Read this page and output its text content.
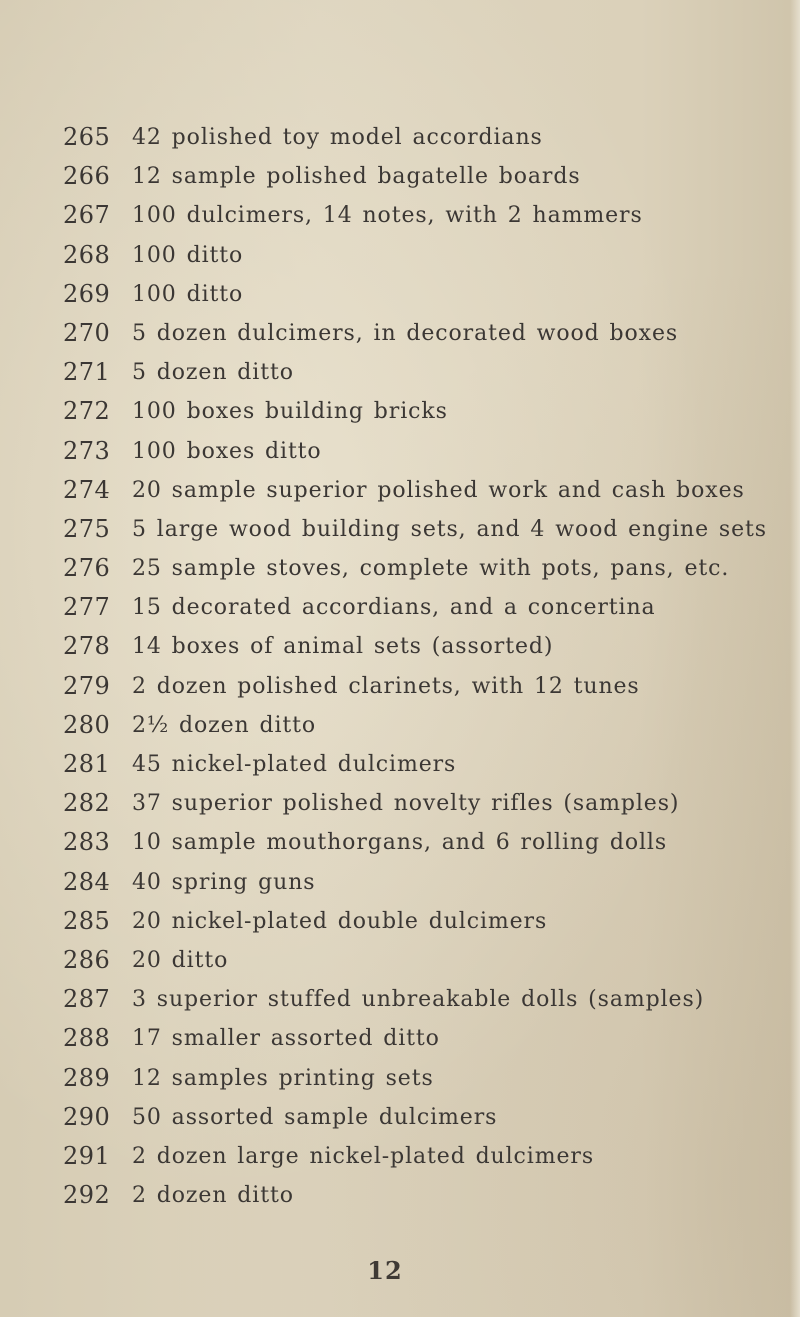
265 42 polished toy model accordians
266 12 sample polished bagatelle boards
267 100 dulcimers, 14 notes, with 2 hammers
268 100 ditto
269 100 ditto
270 5 dozen dulcimers, in decorated wood boxes
271 5 dozen ditto
272 100 boxes building bricks
273 100 boxes ditto
274 20 sample superior polished work and cash boxes
275 5 large wood building sets, and 4 wood engine sets
276 25 sample stoves, complete with pots, pans, etc.
277 15 decorated accordians, and a concertina
278 14 boxes of animal sets (assorted)
279 2 dozen polished clarinets, with 12 tunes
280 2½ dozen ditto
281 45 nickel-plated dulcimers
282 37 superior polished novelty rifles (samples)
283 10 sample mouthorgans, and 6 rolling dolls
284 40 spring guns
285 20 nickel-plated double dulcimers
286 20 ditto
287 3 superior stuffed unbreakable dolls (samples)
288 17 smaller assorted ditto
289 12 samples printing sets
290 50 assorted sample dulcimers
291 2 dozen large nickel-plated dulcimers
292 2 dozen ditto
12
